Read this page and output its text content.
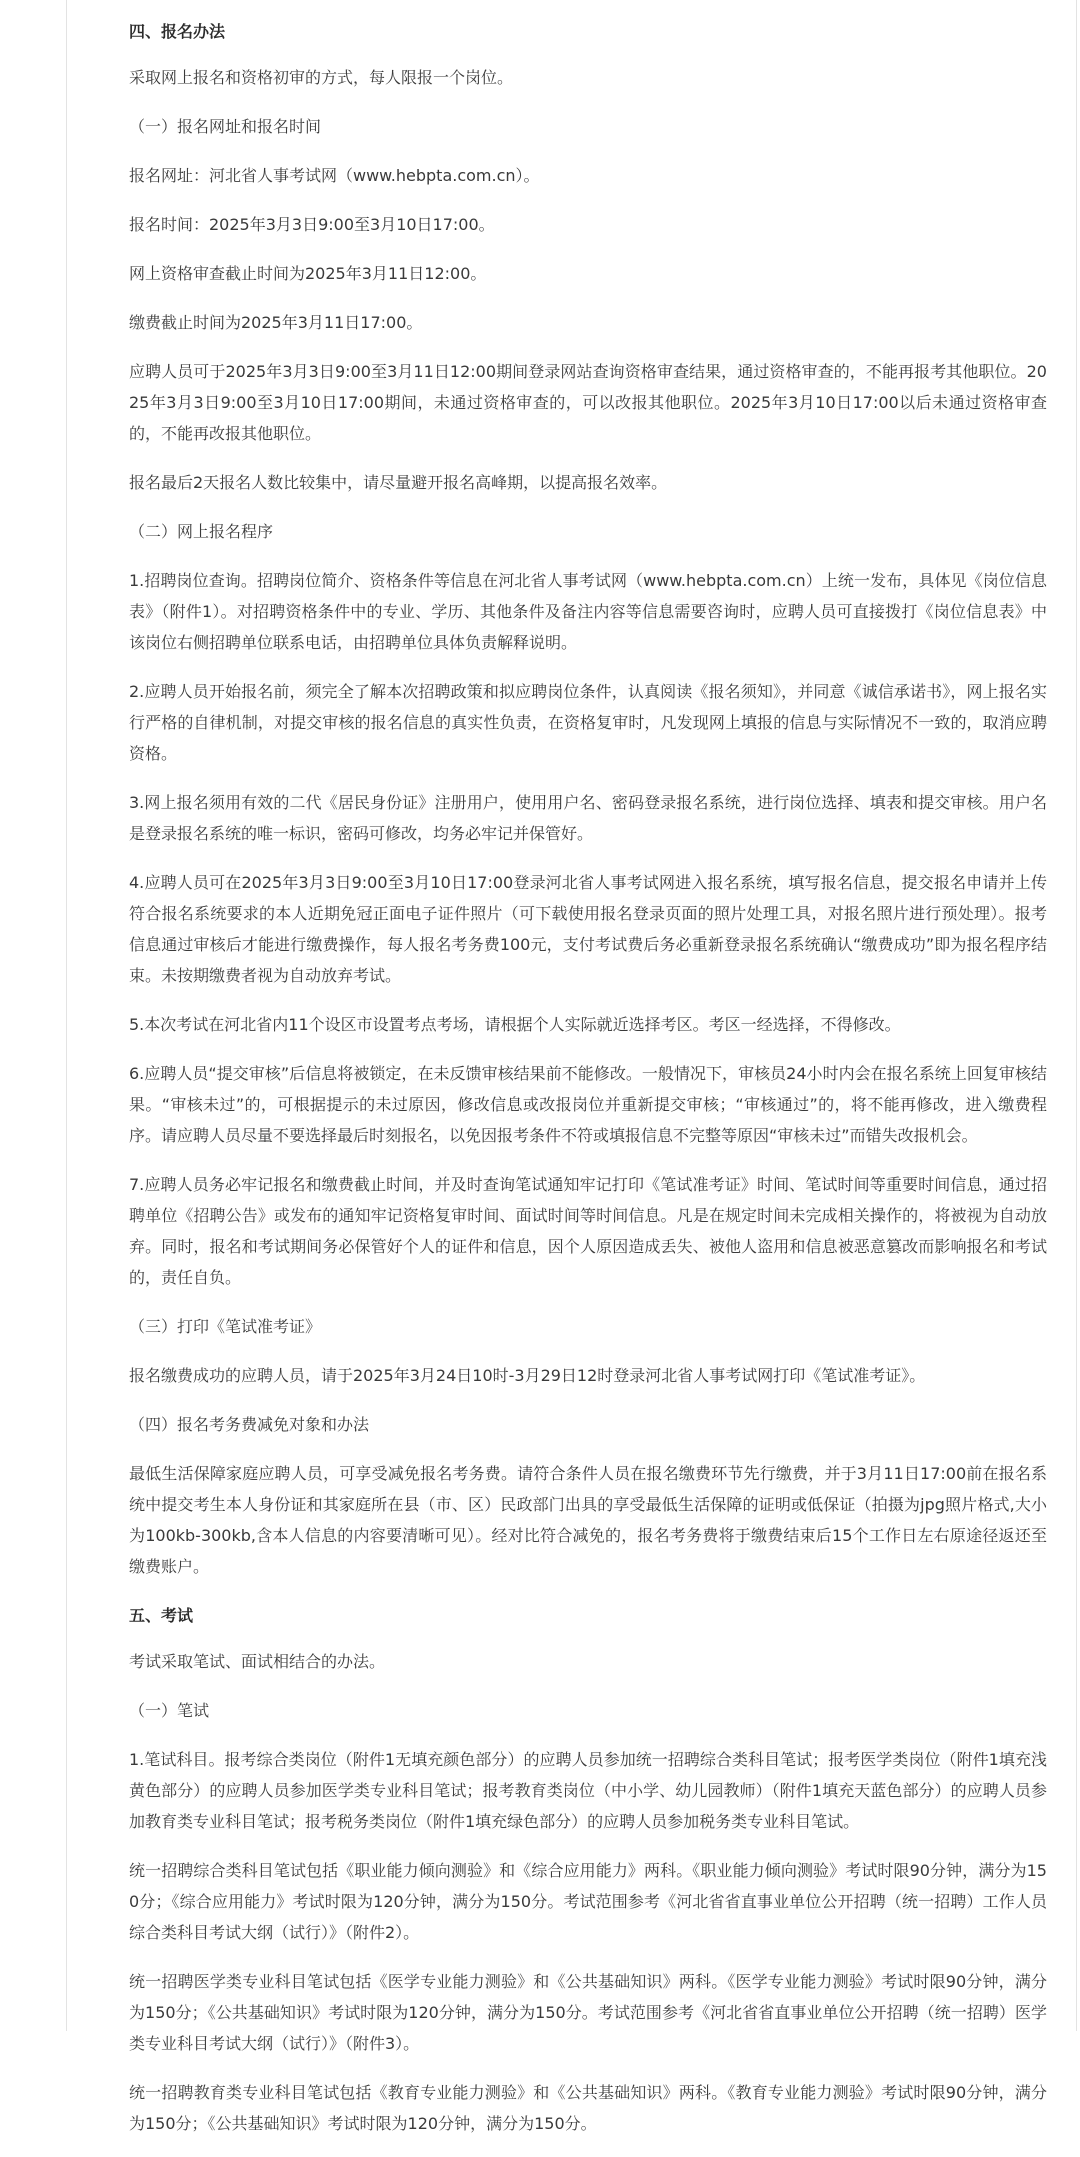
四、报名办法

采取网上报名和资格初审的方式，每人限报一个岗位。

（一）报名网址和报名时间

报名网址：河北省人事考试网（www.hebpta.com.cn）。

报名时间：2025年3月3日9:00至3月10日17:00。

网上资格审查截止时间为2025年3月11日12:00。

缴费截止时间为2025年3月11日17:00。

应聘人员可于2025年3月3日9:00至3月11日12:00期间登录网站查询资格审查结果，通过资格审查的，不能再报考其他职位。2025年3月3日9:00至3月10日17:00期间，未通过资格审查的，可以改报其他职位。2025年3月10日17:00以后未通过资格审查的，不能再改报其他职位。

报名最后2天报名人数比较集中，请尽量避开报名高峰期，以提高报名效率。

（二）网上报名程序

1.招聘岗位查询。招聘岗位简介、资格条件等信息在河北省人事考试网（www.hebpta.com.cn）上统一发布，具体见《岗位信息表》（附件1）。对招聘资格条件中的专业、学历、其他条件及备注内容等信息需要咨询时，应聘人员可直接拨打《岗位信息表》中该岗位右侧招聘单位联系电话，由招聘单位具体负责解释说明。

2.应聘人员开始报名前，须完全了解本次招聘政策和拟应聘岗位条件，认真阅读《报名须知》，并同意《诚信承诺书》，网上报名实行严格的自律机制，对提交审核的报名信息的真实性负责，在资格复审时，凡发现网上填报的信息与实际情况不一致的，取消应聘资格。

3.网上报名须用有效的二代《居民身份证》注册用户，使用用户名、密码登录报名系统，进行岗位选择、填表和提交审核。用户名是登录报名系统的唯一标识，密码可修改，均务必牢记并保管好。

4.应聘人员可在2025年3月3日9:00至3月10日17:00登录河北省人事考试网进入报名系统，填写报名信息，提交报名申请并上传符合报名系统要求的本人近期免冠正面电子证件照片（可下载使用报名登录页面的照片处理工具，对报名照片进行预处理）。报考信息通过审核后才能进行缴费操作，每人报名考务费100元，支付考试费后务必重新登录报名系统确认“缴费成功”即为报名程序结束。未按期缴费者视为自动放弃考试。

5.本次考试在河北省内11个设区市设置考点考场，请根据个人实际就近选择考区。考区一经选择，不得修改。

6.应聘人员“提交审核”后信息将被锁定，在未反馈审核结果前不能修改。一般情况下，审核员24小时内会在报名系统上回复审核结果。“审核未过”的，可根据提示的未过原因，修改信息或改报岗位并重新提交审核；“审核通过”的，将不能再修改，进入缴费程序。请应聘人员尽量不要选择最后时刻报名，以免因报考条件不符或填报信息不完整等原因“审核未过”而错失改报机会。

7.应聘人员务必牢记报名和缴费截止时间，并及时查询笔试通知牢记打印《笔试准考证》时间、笔试时间等重要时间信息，通过招聘单位《招聘公告》或发布的通知牢记资格复审时间、面试时间等时间信息。凡是在规定时间未完成相关操作的，将被视为自动放弃。同时，报名和考试期间务必保管好个人的证件和信息，因个人原因造成丢失、被他人盗用和信息被恶意篡改而影响报名和考试的，责任自负。

（三）打印《笔试准考证》

报名缴费成功的应聘人员，请于2025年3月24日10时-3月29日12时登录河北省人事考试网打印《笔试准考证》。

（四）报名考务费减免对象和办法

最低生活保障家庭应聘人员，可享受减免报名考务费。请符合条件人员在报名缴费环节先行缴费，并于3月11日17:00前在报名系统中提交考生本人身份证和其家庭所在县（市、区）民政部门出具的享受最低生活保障的证明或低保证（拍摄为jpg照片格式,大小为100kb-300kb,含本人信息的内容要清晰可见）。经对比符合减免的，报名考务费将于缴费结束后15个工作日左右原途径返还至缴费账户。

五、考试

考试采取笔试、面试相结合的办法。

（一）笔试

1.笔试科目。报考综合类岗位（附件1无填充颜色部分）的应聘人员参加统一招聘综合类科目笔试；报考医学类岗位（附件1填充浅黄色部分）的应聘人员参加医学类专业科目笔试；报考教育类岗位（中小学、幼儿园教师）（附件1填充天蓝色部分）的应聘人员参加教育类专业科目笔试；报考税务类岗位（附件1填充绿色部分）的应聘人员参加税务类专业科目笔试。

统一招聘综合类科目笔试包括《职业能力倾向测验》和《综合应用能力》两科。《职业能力倾向测验》考试时限90分钟，满分为150分；《综合应用能力》考试时限为120分钟，满分为150分。考试范围参考《河北省省直事业单位公开招聘（统一招聘）工作人员综合类科目考试大纲（试行）》（附件2）。

统一招聘医学类专业科目笔试包括《医学专业能力测验》和《公共基础知识》两科。《医学专业能力测验》考试时限90分钟，满分为150分；《公共基础知识》考试时限为120分钟，满分为150分。考试范围参考《河北省省直事业单位公开招聘（统一招聘）医学类专业科目考试大纲（试行）》（附件3）。

统一招聘教育类专业科目笔试包括《教育专业能力测验》和《公共基础知识》两科。《教育专业能力测验》考试时限90分钟，满分为150分；《公共基础知识》考试时限为120分钟，满分为150分。
